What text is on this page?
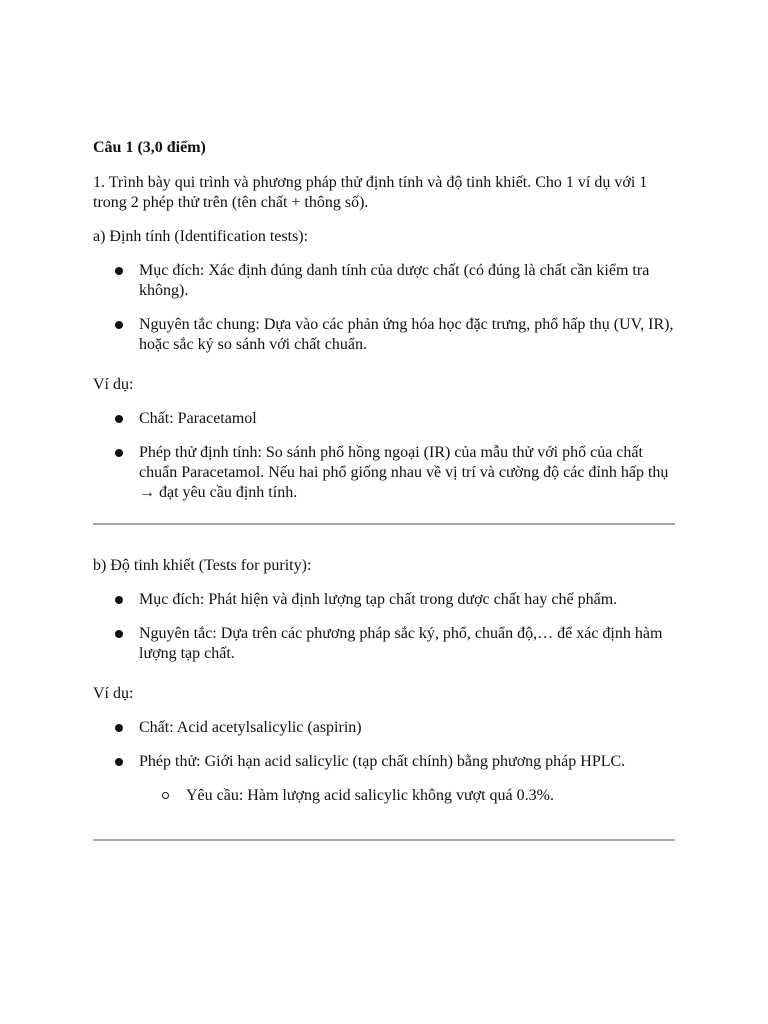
Câu 1 (3,0 điểm)

1. Trình bày qui trình và phương pháp thử định tính và độ tinh khiết. Cho 1 ví dụ với 1 trong 2 phép thử trên (tên chất + thông số).

a) Định tính (Identification tests):

Mục đích: Xác định đúng danh tính của dược chất (có đúng là chất cần kiểm tra không).
Nguyên tắc chung: Dựa vào các phản ứng hóa học đặc trưng, phổ hấp thụ (UV, IR), hoặc sắc ký so sánh với chất chuẩn.

Ví dụ:

Chất: Paracetamol
Phép thử định tính: So sánh phổ hồng ngoại (IR) của mẫu thử với phổ của chất chuẩn Paracetamol. Nếu hai phổ giống nhau về vị trí và cường độ các đỉnh hấp thụ → đạt yêu cầu định tính.

b) Độ tinh khiết (Tests for purity):

Mục đích: Phát hiện và định lượng tạp chất trong dược chất hay chế phẩm.
Nguyên tắc: Dựa trên các phương pháp sắc ký, phổ, chuẩn độ,… để xác định hàm lượng tạp chất.

Ví dụ:

Chất: Acid acetylsalicylic (aspirin)
Phép thử: Giới hạn acid salicylic (tạp chất chính) bằng phương pháp HPLC.
Yêu cầu: Hàm lượng acid salicylic không vượt quá 0.3%.
